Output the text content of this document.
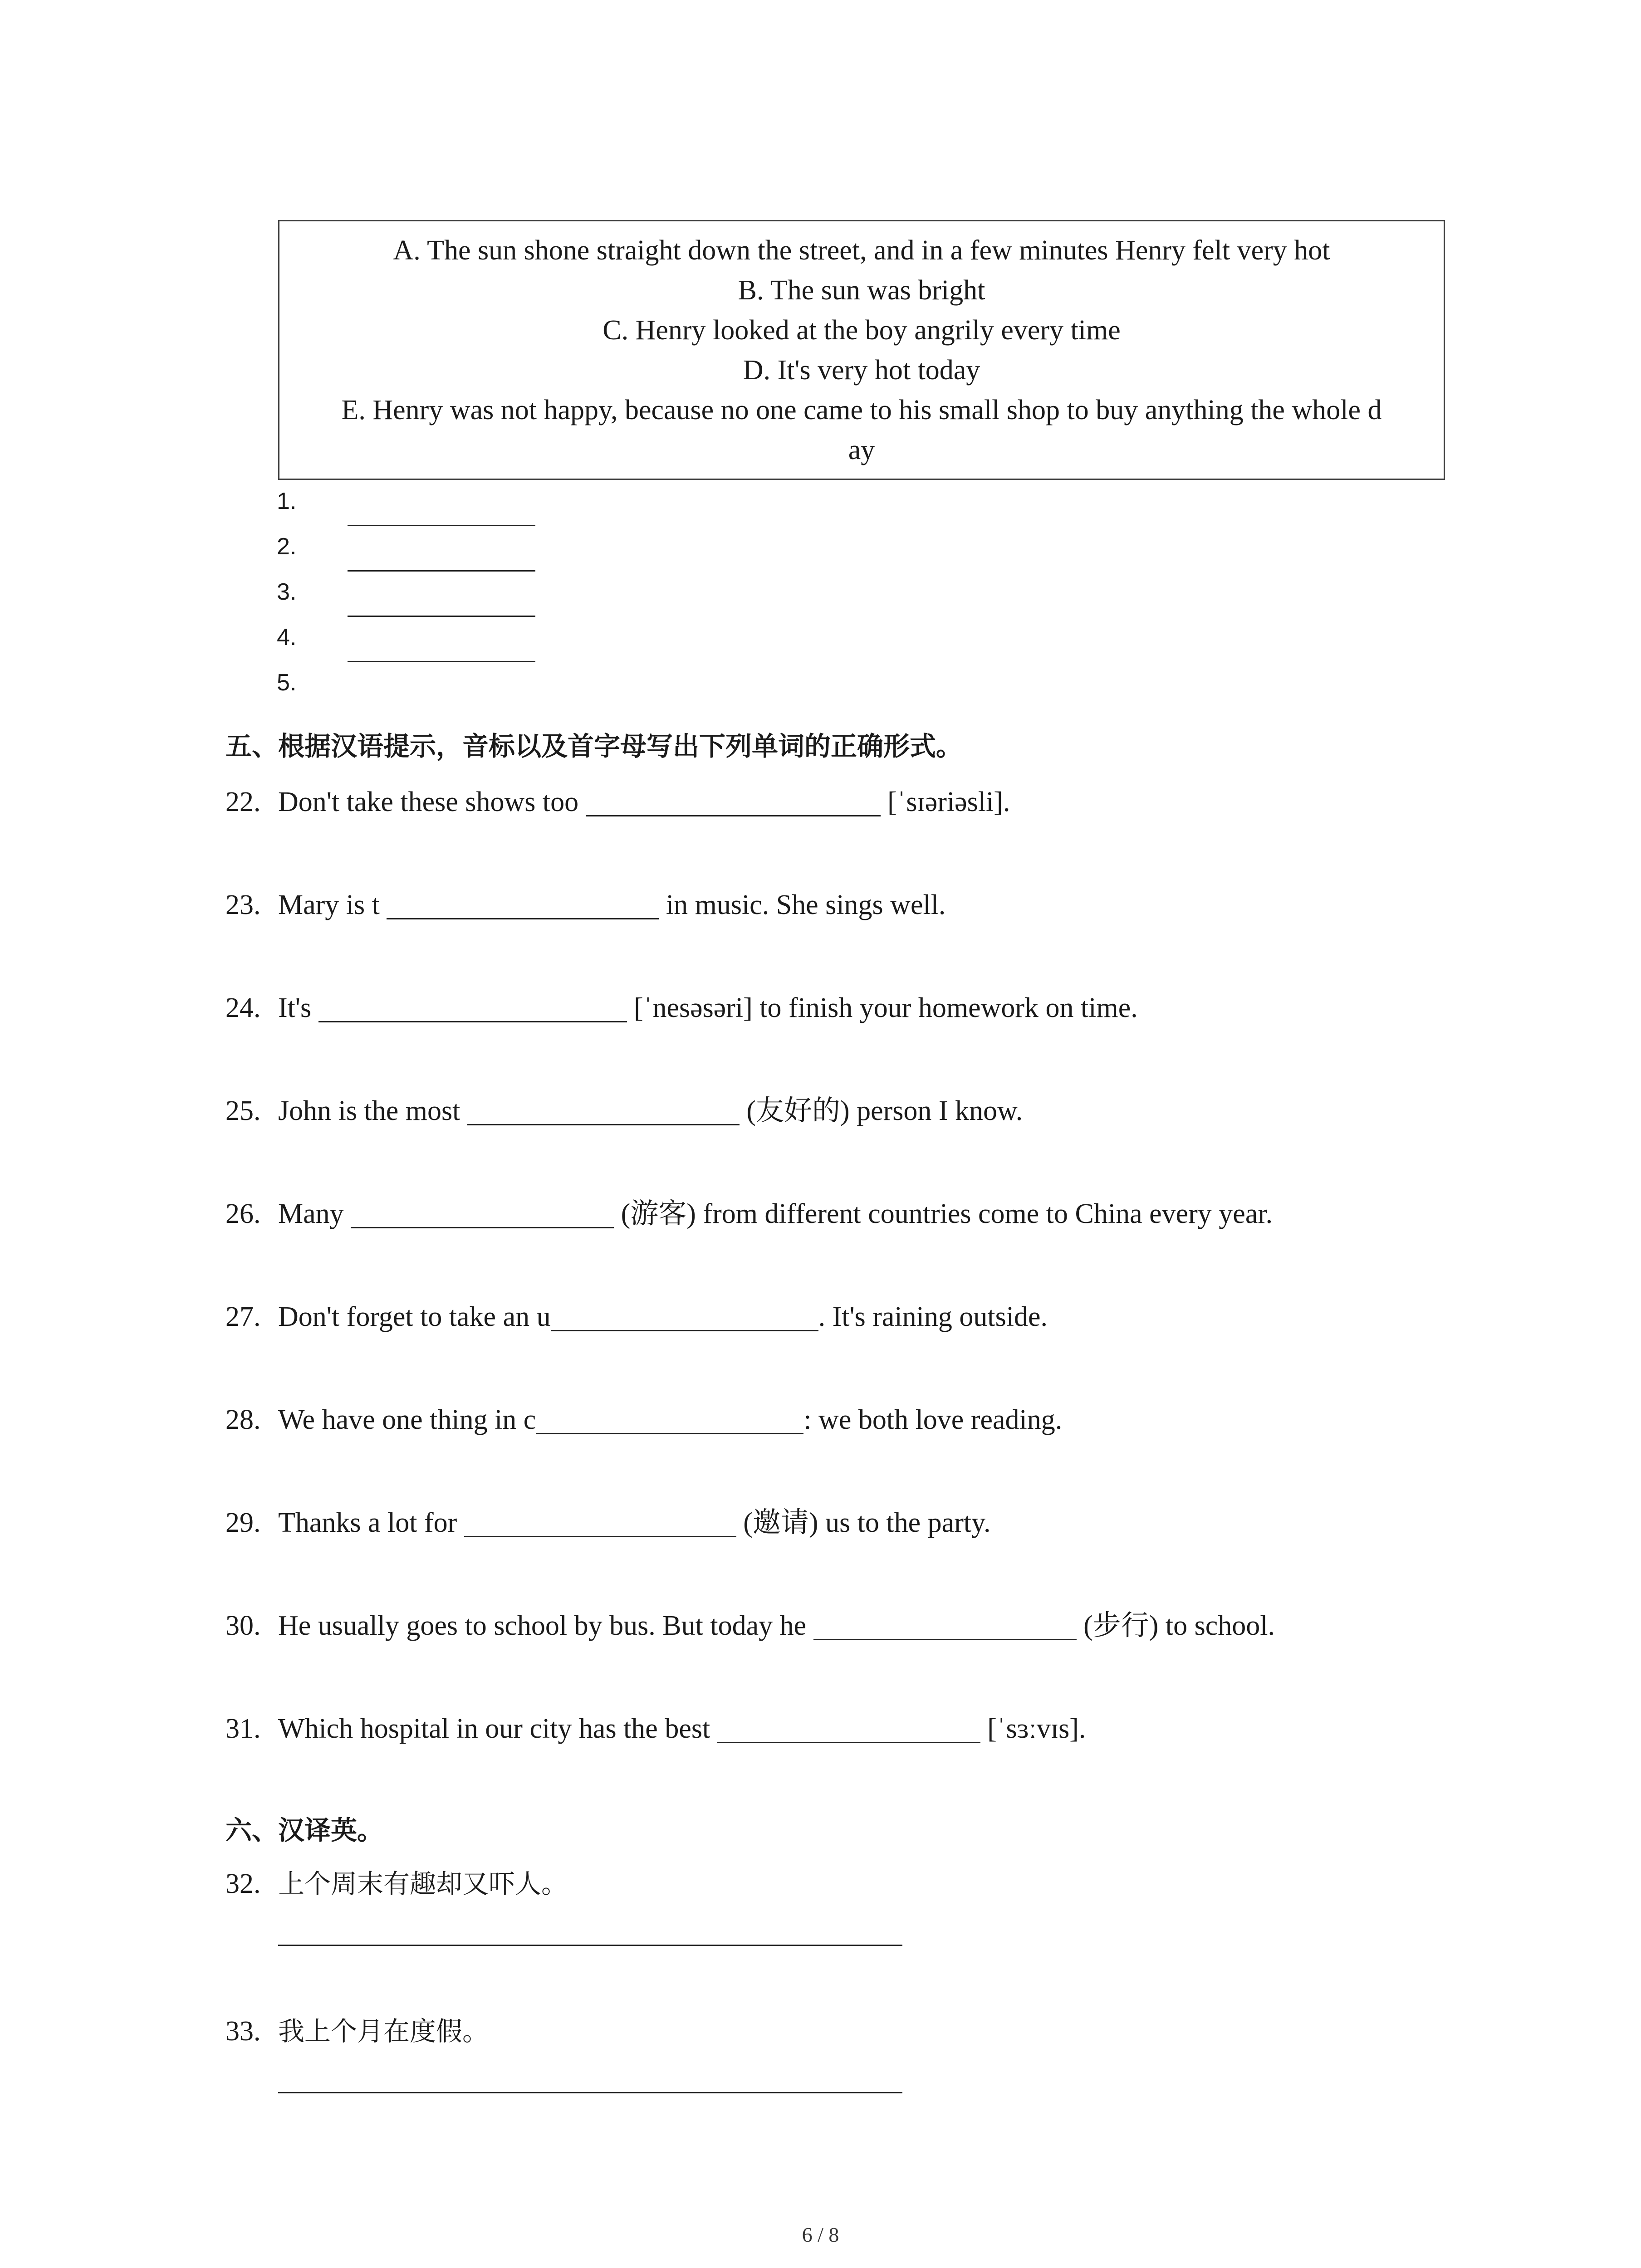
A. The sun shone straight down the street, and in a few minutes Henry felt very hot
B. The sun was bright
C. Henry looked at the boy angrily every time
D. It's very hot today
E. Henry was not happy, because no one came to his small shop to buy anything the whole d
ay
1.
2.
3.
4.
5.
五、根据汉语提示，音标以及首字母写出下列单词的正确形式。
22. Don't take these shows too	[ˈsɪəriəsli].
23. Mary is t	in music. She sings well.
24. It's	[ˈnesəsəri] to finish your homework on time.
25. John is the most	(友好的) person I know.
26. Many	(游客) from different countries come to China every year.
27. Don't forget to take an u	. It's raining outside.
28. We have one thing in c	: we both love reading.
29. Thanks a lot for	(邀请) us to the party.
30. He usually goes to school by bus. But today he	(步行) to school.
31. Which hospital in our city has the best	[ˈsɜːvɪs].
六、汉译英。
32. 上个周末有趣却又吓人。
33. 我上个月在度假。
6 / 8
